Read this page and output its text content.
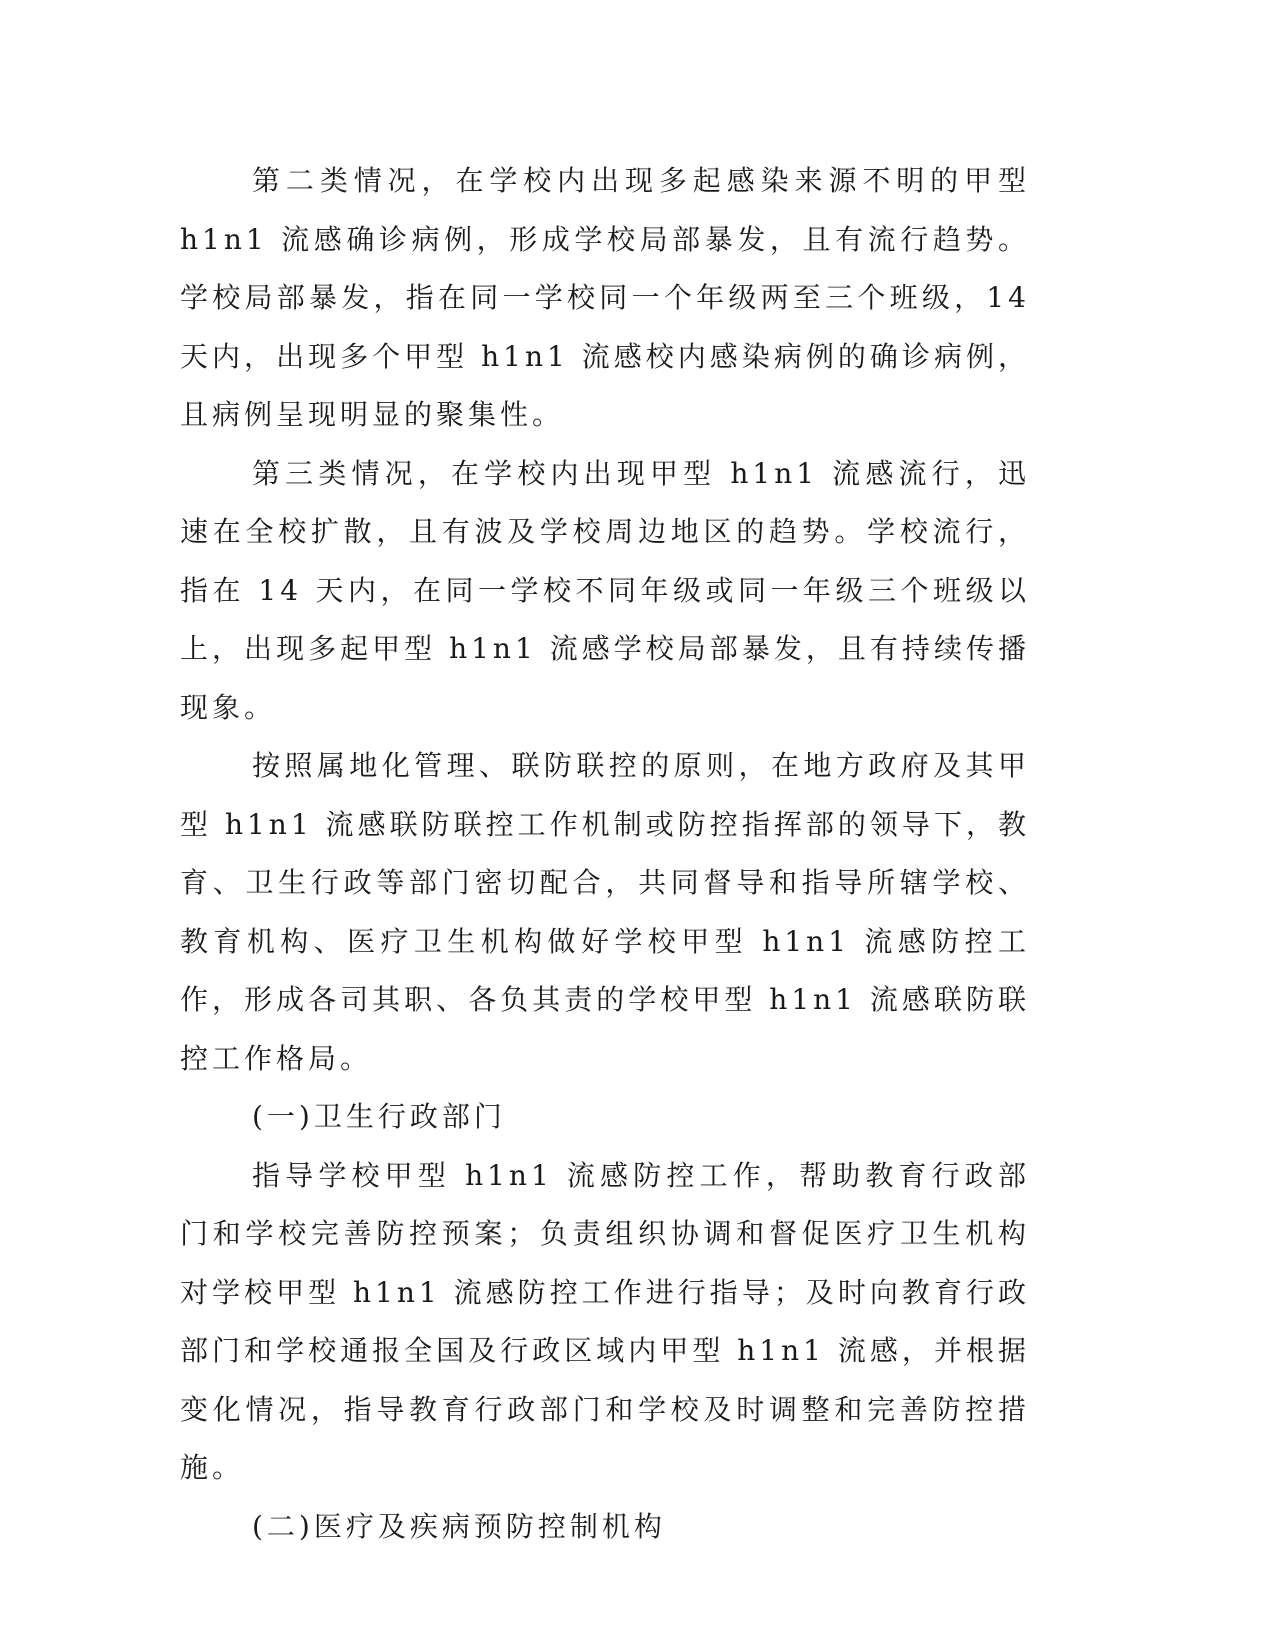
第二类情况，在学校内出现多起感染来源不明的甲型 h1n1 流感确诊病例，形成学校局部暴发，且有流行趋势。学校局部暴发，指在同一学校同一个年级两至三个班级，14 天内，出现多个甲型 h1n1 流感校内感染病例的确诊病例，且病例呈现明显的聚集性。

第三类情况，在学校内出现甲型 h1n1 流感流行，迅速在全校扩散，且有波及学校周边地区的趋势。学校流行，指在 14 天内，在同一学校不同年级或同一年级三个班级以上，出现多起甲型 h1n1 流感学校局部暴发，且有持续传播现象。

按照属地化管理、联防联控的原则，在地方政府及其甲型 h1n1 流感联防联控工作机制或防控指挥部的领导下，教育、卫生行政等部门密切配合，共同督导和指导所辖学校、教育机构、医疗卫生机构做好学校甲型 h1n1 流感防控工作，形成各司其职、各负其责的学校甲型 h1n1 流感联防联控工作格局。

(一)卫生行政部门

指导学校甲型 h1n1 流感防控工作，帮助教育行政部门和学校完善防控预案；负责组织协调和督促医疗卫生机构对学校甲型 h1n1 流感防控工作进行指导；及时向教育行政部门和学校通报全国及行政区域内甲型 h1n1 流感，并根据变化情况，指导教育行政部门和学校及时调整和完善防控措施。

(二)医疗及疾病预防控制机构
